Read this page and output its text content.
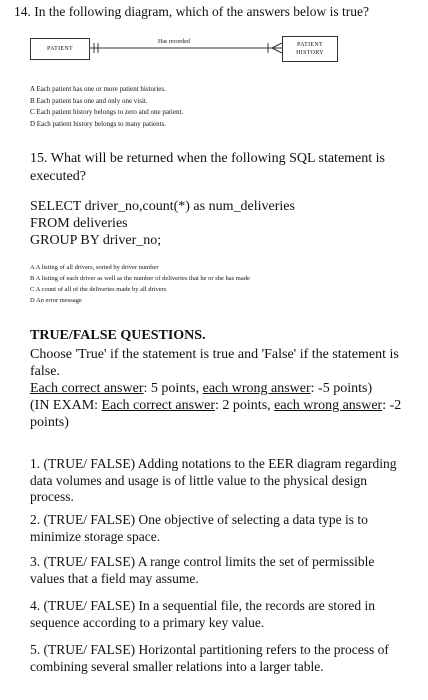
14. In the following diagram, which of the answers below is true?
PATIENT
Has recorded	PATIENT
HISTORY
A Each patient has one or more patient histories.
B Each patient has one and only one visit.
C Each patient history belongs to zero and one patient.
D Each patient history belongs to many patients.
15. What will be returned when the following SQL statement is executed?
SELECT driver_no,count(*) as num_deliveries
FROM deliveries
GROUP BY driver_no;
A A listing of all drivers, sorted by driver number
B A listing of each driver as well as the number of deliveries that he or she has made
C A count of all of the deliveries made by all drivers
D An error message
TRUE/FALSE QUESTIONS.

Choose 'True' if the statement is true and 'False' if the statement is false.

Each correct answer: 5 points, each wrong answer: -5 points)

(IN EXAM: Each correct answer: 2 points, each wrong answer: -2 points)

1. (TRUE/ FALSE) Adding notations to the EER diagram regarding data volumes and usage is of little value to the physical design process.

2. (TRUE/ FALSE) One objective of selecting a data type is to minimize storage space.

3. (TRUE/ FALSE) A range control limits the set of permissible values that a field may assume.

4. (TRUE/ FALSE) In a sequential file, the records are stored in sequence according to a primary key value.

5. (TRUE/ FALSE) Horizontal partitioning refers to the process of combining several smaller relations into a larger table.
